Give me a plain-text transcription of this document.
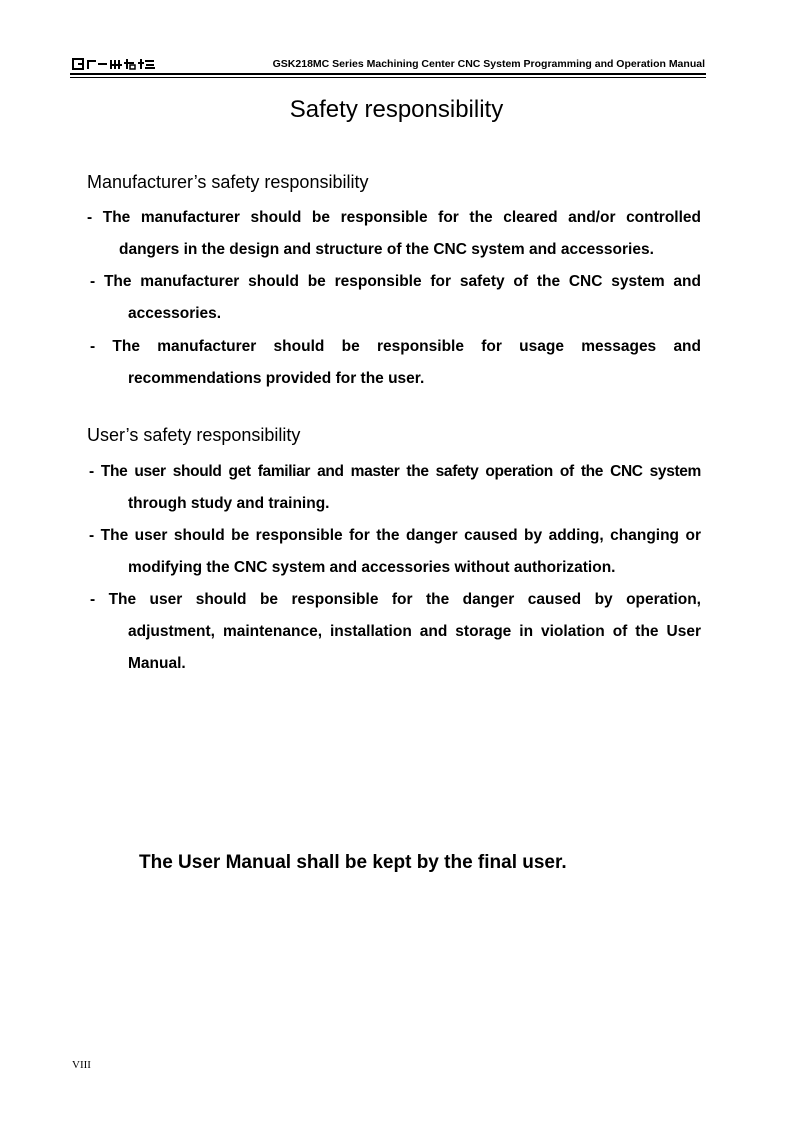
GSK218MC Series Machining Center CNC System Programming and Operation Manual
Safety responsibility
Manufacturer’s safety responsibility
- The manufacturer should be responsible for the cleared and/or controlled
dangers in the design and structure of the CNC system and accessories.
- The manufacturer should be responsible for safety of the CNC system and
accessories.
- The manufacturer should be responsible for usage messages and
recommendations provided for the user.
User’s safety responsibility
- The user should get familiar and master the safety operation of the CNC system
through study and training.
- The user should be responsible for the danger caused by adding, changing or
modifying the CNC system and accessories without authorization.
- The user should be responsible for the danger caused by operation,
adjustment, maintenance, installation and storage in violation of the User
Manual.
The User Manual shall be kept by the final user.
VIII
